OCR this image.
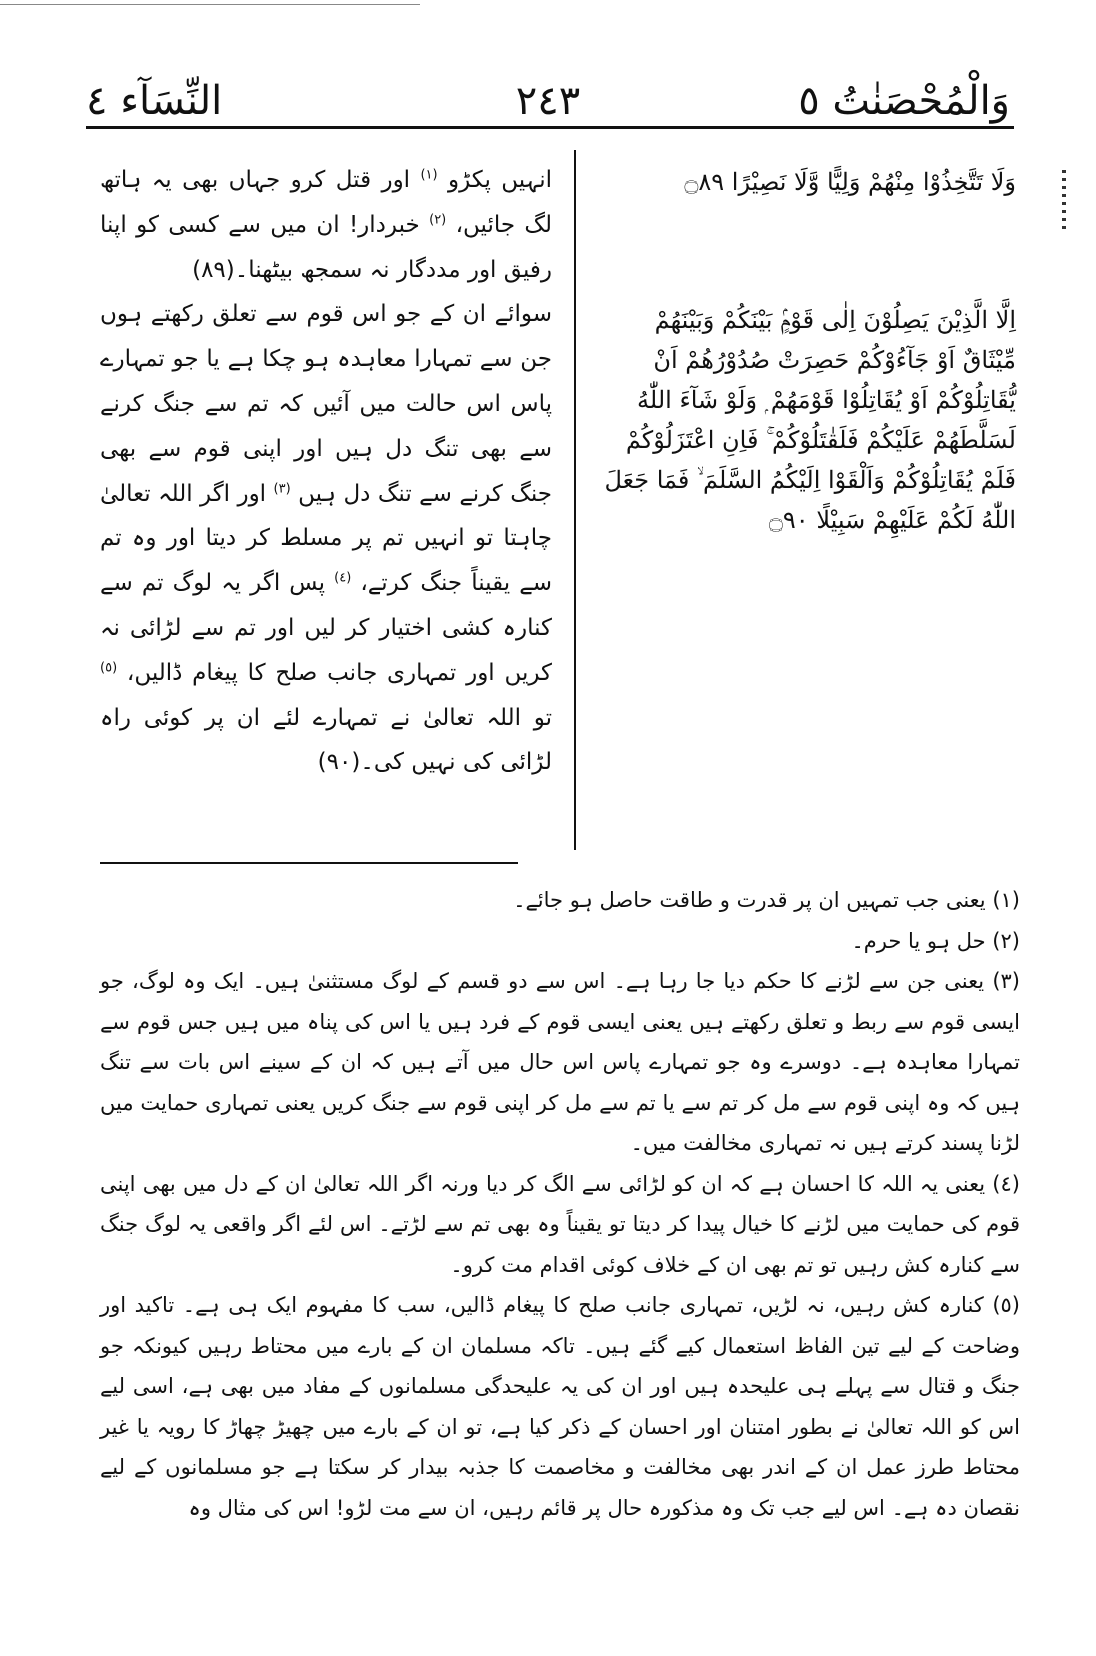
وَالْمُحْصَنٰتُ ٥
٢٤٣
النِّسَآء ٤

وَلَا تَتَّخِذُوْا مِنْهُمْ وَلِيًّا وَّلَا نَصِيْرًا ۝٨٩

اِلَّا الَّذِيْنَ يَصِلُوْنَ اِلٰى قَوْمٍۢ بَيْنَكُمْ وَبَيْنَهُمْ مِّيْثَاقٌ اَوْ جَآءُوْكُمْ حَصِرَتْ صُدُوْرُهُمْ اَنْ يُّقَاتِلُوْكُمْ اَوْ يُقَاتِلُوْا قَوْمَهُمْ ۭ وَلَوْ شَآءَ اللّٰهُ لَسَلَّطَهُمْ عَلَيْكُمْ فَلَقٰتَلُوْكُمْ ۚ فَاِنِ اعْتَزَلُوْكُمْ فَلَمْ يُقَاتِلُوْكُمْ وَاَلْقَوْا اِلَيْكُمُ السَّلَمَ ۙ فَمَا جَعَلَ اللّٰهُ لَكُمْ عَلَيْهِمْ سَبِيْلًا ۝٩٠

انہیں پکڑو $^{(١)}$ اور قتل کرو جہاں بھی یہ ہاتھ لگ جائیں، $^{(٢)}$ خبردار! ان میں سے کسی کو اپنا رفیق اور مددگار نہ سمجھ بیٹھنا۔(٨٩)

سوائے ان کے جو اس قوم سے تعلق رکھتے ہوں جن سے تمہارا معاہدہ ہو چکا ہے یا جو تمہارے پاس اس حالت میں آئیں کہ تم سے جنگ کرنے سے بھی تنگ دل ہیں اور اپنی قوم سے بھی جنگ کرنے سے تنگ دل ہیں $^{(٣)}$ اور اگر اللہ تعالیٰ چاہتا تو انہیں تم پر مسلط کر دیتا اور وہ تم سے یقیناً جنگ کرتے، $^{(٤)}$ پس اگر یہ لوگ تم سے کنارہ کشی اختیار کر لیں اور تم سے لڑائی نہ کریں اور تمہاری جانب صلح کا پیغام ڈالیں، $^{(٥)}$ تو اللہ تعالیٰ نے تمہارے لئے ان پر کوئی راہ لڑائی کی نہیں کی۔(٩٠)

(١) یعنی جب تمہیں ان پر قدرت و طاقت حاصل ہو جائے۔

(٢) حل ہو یا حرم۔

(٣) یعنی جن سے لڑنے کا حکم دیا جا رہا ہے۔ اس سے دو قسم کے لوگ مستثنیٰ ہیں۔ ایک وہ لوگ، جو ایسی قوم سے ربط و تعلق رکھتے ہیں یعنی ایسی قوم کے فرد ہیں یا اس کی پناہ میں ہیں جس قوم سے تمہارا معاہدہ ہے۔ دوسرے وہ جو تمہارے پاس اس حال میں آتے ہیں کہ ان کے سینے اس بات سے تنگ ہیں کہ وہ اپنی قوم سے مل کر تم سے یا تم سے مل کر اپنی قوم سے جنگ کریں یعنی تمہاری حمایت میں لڑنا پسند کرتے ہیں نہ تمہاری مخالفت میں۔

(٤) یعنی یہ اللہ کا احسان ہے کہ ان کو لڑائی سے الگ کر دیا ورنہ اگر اللہ تعالیٰ ان کے دل میں بھی اپنی قوم کی حمایت میں لڑنے کا خیال پیدا کر دیتا تو یقیناً وہ بھی تم سے لڑتے۔ اس لئے اگر واقعی یہ لوگ جنگ سے کنارہ کش رہیں تو تم بھی ان کے خلاف کوئی اقدام مت کرو۔

(٥) کنارہ کش رہیں، نہ لڑیں، تمہاری جانب صلح کا پیغام ڈالیں، سب کا مفہوم ایک ہی ہے۔ تاکید اور وضاحت کے لیے تین الفاظ استعمال کیے گئے ہیں۔ تاکہ مسلمان ان کے بارے میں محتاط رہیں کیونکہ جو جنگ و قتال سے پہلے ہی علیحدہ ہیں اور ان کی یہ علیحدگی مسلمانوں کے مفاد میں بھی ہے، اسی لیے اس کو اللہ تعالیٰ نے بطور امتنان اور احسان کے ذکر کیا ہے، تو ان کے بارے میں چھیڑ چھاڑ کا رویہ یا غیر محتاط طرز عمل ان کے اندر بھی مخالفت و مخاصمت کا جذبہ بیدار کر سکتا ہے جو مسلمانوں کے لیے نقصان دہ ہے۔ اس لیے جب تک وہ مذکورہ حال پر قائم رہیں، ان سے مت لڑو! اس کی مثال وہ
